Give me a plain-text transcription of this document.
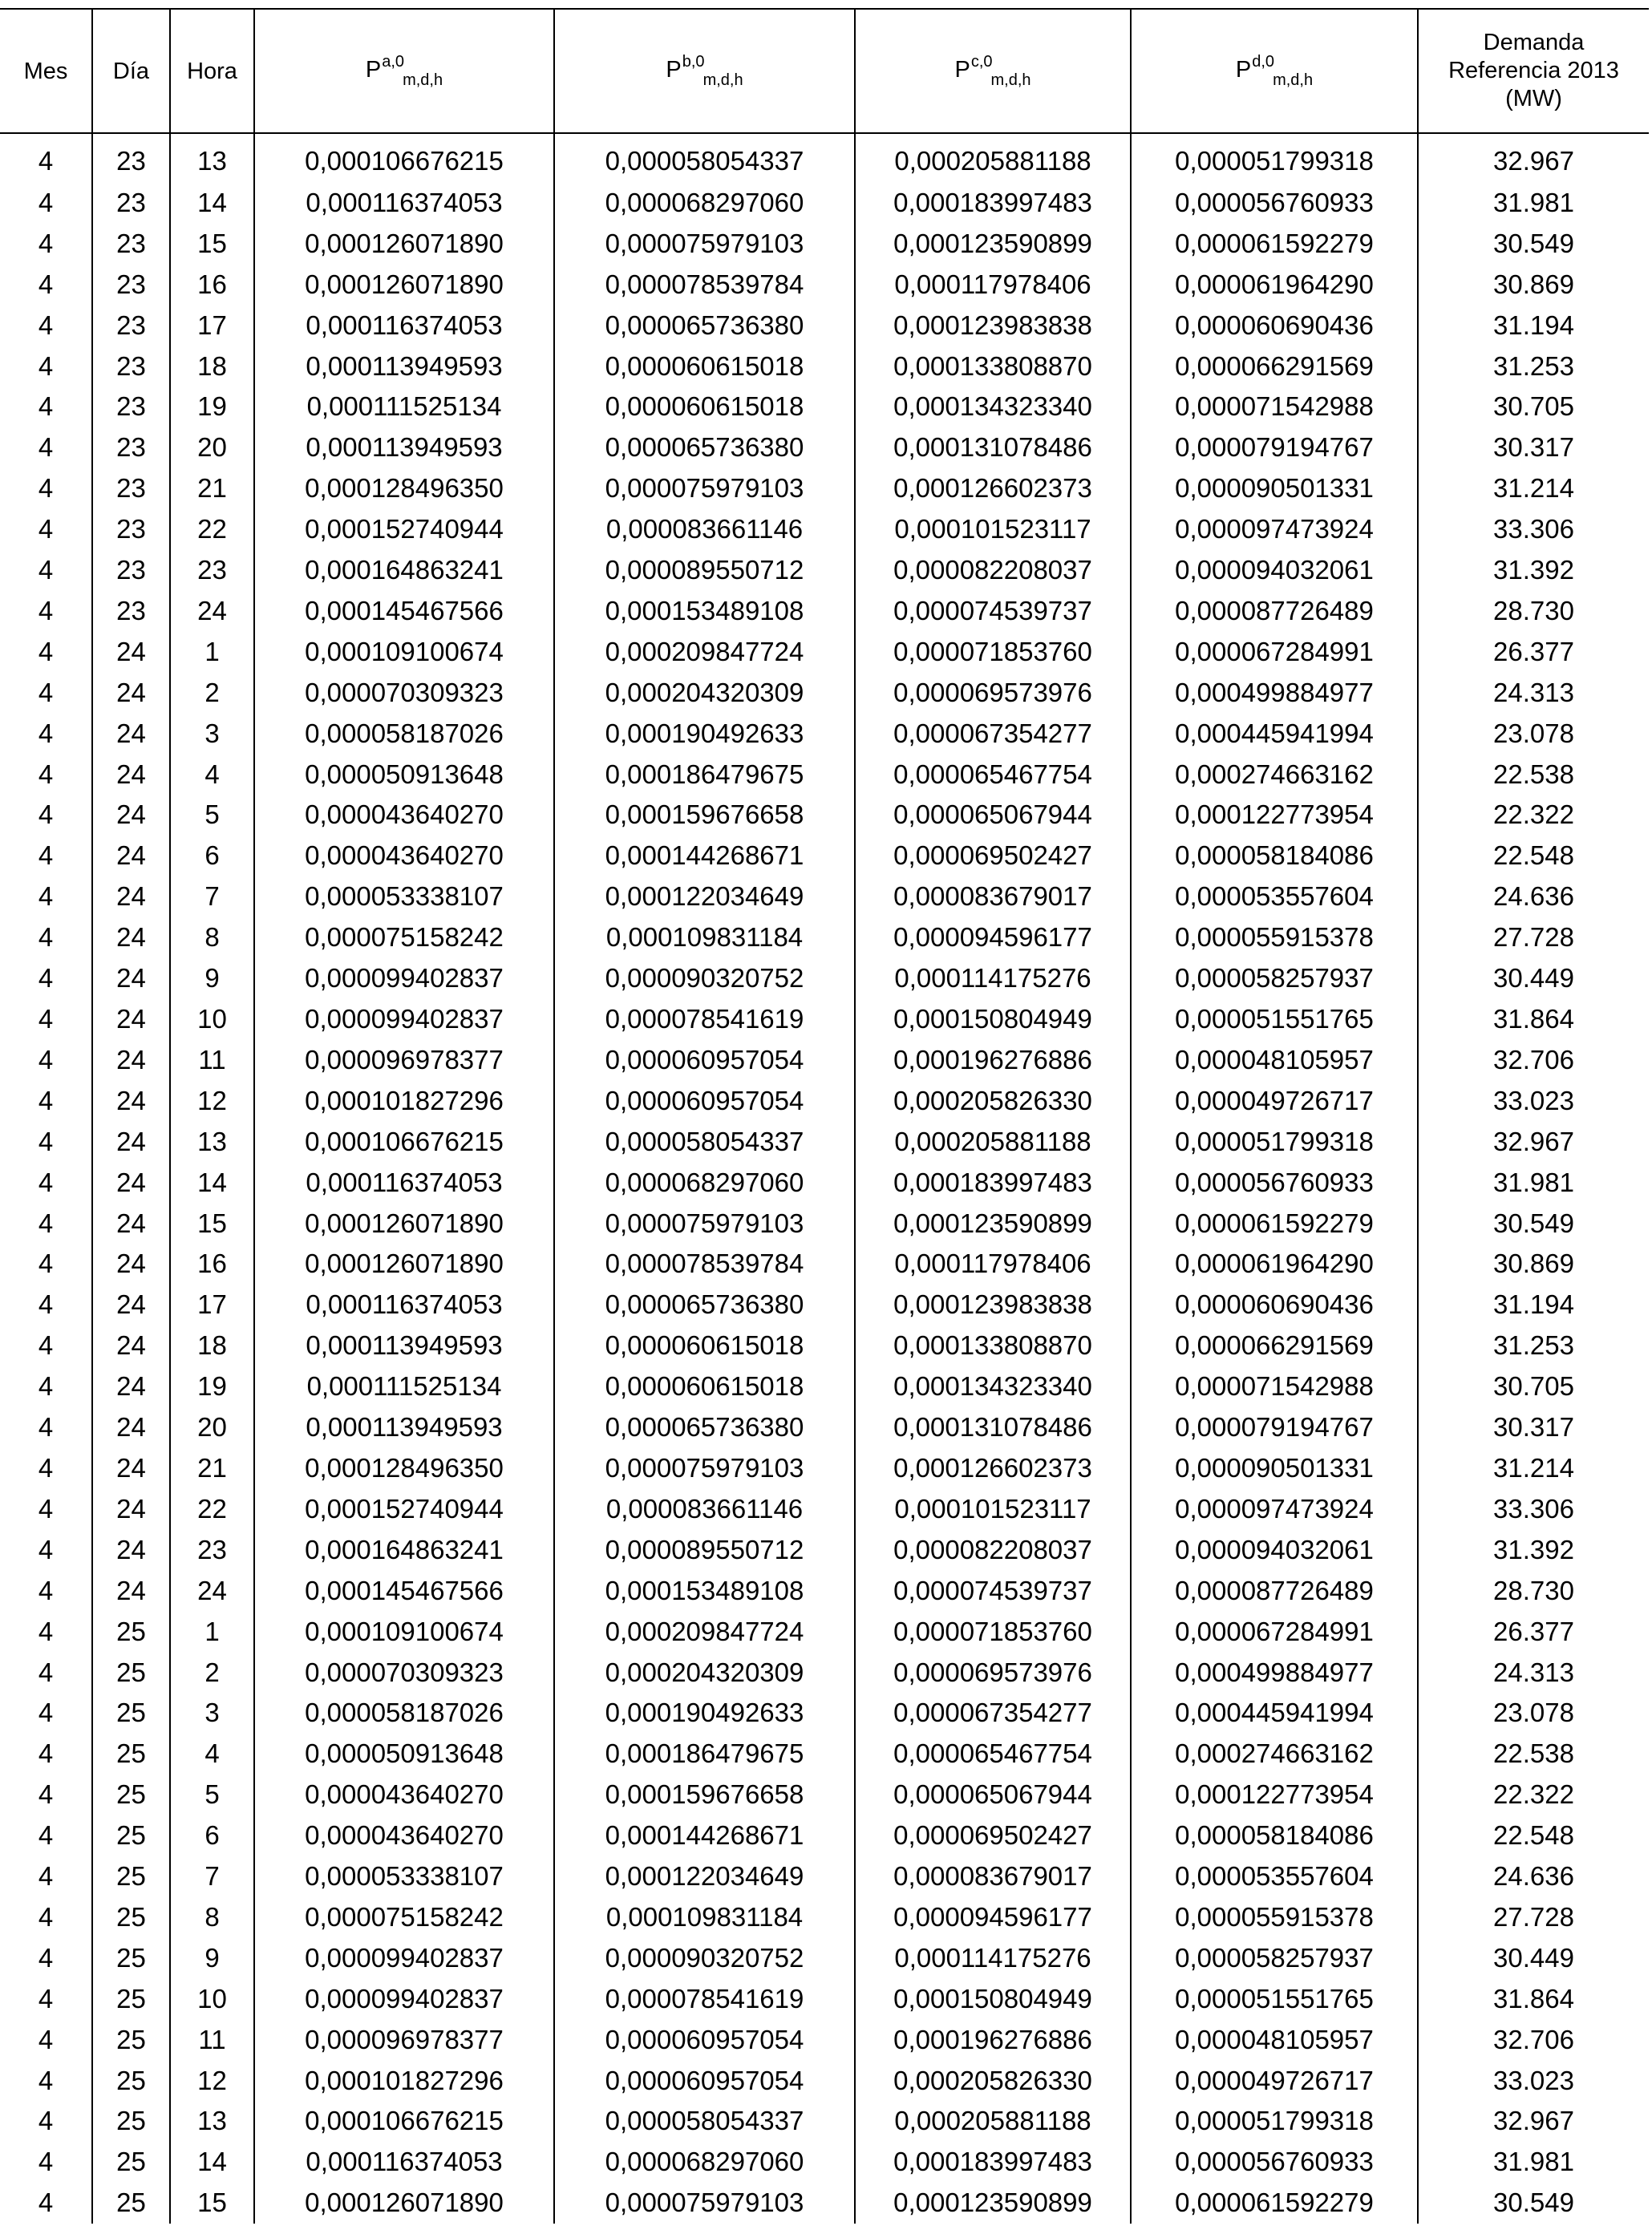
Mes	Día	Hora	P$^{a,0}_{m,d,h}$	P$^{b,0}_{m,d,h}$	P$^{c,0}_{m,d,h}$	P$^{d,0}_{m,d,h}$	Demanda
Referencia 2013
(MW)

4	23	13	0,000106676215	0,000058054337	0,000205881188	0,000051799318	32.967
4	23	14	0,000116374053	0,000068297060	0,000183997483	0,000056760933	31.981
4	23	15	0,000126071890	0,000075979103	0,000123590899	0,000061592279	30.549
4	23	16	0,000126071890	0,000078539784	0,000117978406	0,000061964290	30.869
4	23	17	0,000116374053	0,000065736380	0,000123983838	0,000060690436	31.194
4	23	18	0,000113949593	0,000060615018	0,000133808870	0,000066291569	31.253
4	23	19	0,000111525134	0,000060615018	0,000134323340	0,000071542988	30.705
4	23	20	0,000113949593	0,000065736380	0,000131078486	0,000079194767	30.317
4	23	21	0,000128496350	0,000075979103	0,000126602373	0,000090501331	31.214
4	23	22	0,000152740944	0,000083661146	0,000101523117	0,000097473924	33.306
4	23	23	0,000164863241	0,000089550712	0,000082208037	0,000094032061	31.392
4	23	24	0,000145467566	0,000153489108	0,000074539737	0,000087726489	28.730
4	24	1	0,000109100674	0,000209847724	0,000071853760	0,000067284991	26.377
4	24	2	0,000070309323	0,000204320309	0,000069573976	0,000499884977	24.313
4	24	3	0,000058187026	0,000190492633	0,000067354277	0,000445941994	23.078
4	24	4	0,000050913648	0,000186479675	0,000065467754	0,000274663162	22.538
4	24	5	0,000043640270	0,000159676658	0,000065067944	0,000122773954	22.322
4	24	6	0,000043640270	0,000144268671	0,000069502427	0,000058184086	22.548
4	24	7	0,000053338107	0,000122034649	0,000083679017	0,000053557604	24.636
4	24	8	0,000075158242	0,000109831184	0,000094596177	0,000055915378	27.728
4	24	9	0,000099402837	0,000090320752	0,000114175276	0,000058257937	30.449
4	24	10	0,000099402837	0,000078541619	0,000150804949	0,000051551765	31.864
4	24	11	0,000096978377	0,000060957054	0,000196276886	0,000048105957	32.706
4	24	12	0,000101827296	0,000060957054	0,000205826330	0,000049726717	33.023
4	24	13	0,000106676215	0,000058054337	0,000205881188	0,000051799318	32.967
4	24	14	0,000116374053	0,000068297060	0,000183997483	0,000056760933	31.981
4	24	15	0,000126071890	0,000075979103	0,000123590899	0,000061592279	30.549
4	24	16	0,000126071890	0,000078539784	0,000117978406	0,000061964290	30.869
4	24	17	0,000116374053	0,000065736380	0,000123983838	0,000060690436	31.194
4	24	18	0,000113949593	0,000060615018	0,000133808870	0,000066291569	31.253
4	24	19	0,000111525134	0,000060615018	0,000134323340	0,000071542988	30.705
4	24	20	0,000113949593	0,000065736380	0,000131078486	0,000079194767	30.317
4	24	21	0,000128496350	0,000075979103	0,000126602373	0,000090501331	31.214
4	24	22	0,000152740944	0,000083661146	0,000101523117	0,000097473924	33.306
4	24	23	0,000164863241	0,000089550712	0,000082208037	0,000094032061	31.392
4	24	24	0,000145467566	0,000153489108	0,000074539737	0,000087726489	28.730
4	25	1	0,000109100674	0,000209847724	0,000071853760	0,000067284991	26.377
4	25	2	0,000070309323	0,000204320309	0,000069573976	0,000499884977	24.313
4	25	3	0,000058187026	0,000190492633	0,000067354277	0,000445941994	23.078
4	25	4	0,000050913648	0,000186479675	0,000065467754	0,000274663162	22.538
4	25	5	0,000043640270	0,000159676658	0,000065067944	0,000122773954	22.322
4	25	6	0,000043640270	0,000144268671	0,000069502427	0,000058184086	22.548
4	25	7	0,000053338107	0,000122034649	0,000083679017	0,000053557604	24.636
4	25	8	0,000075158242	0,000109831184	0,000094596177	0,000055915378	27.728
4	25	9	0,000099402837	0,000090320752	0,000114175276	0,000058257937	30.449
4	25	10	0,000099402837	0,000078541619	0,000150804949	0,000051551765	31.864
4	25	11	0,000096978377	0,000060957054	0,000196276886	0,000048105957	32.706
4	25	12	0,000101827296	0,000060957054	0,000205826330	0,000049726717	33.023
4	25	13	0,000106676215	0,000058054337	0,000205881188	0,000051799318	32.967
4	25	14	0,000116374053	0,000068297060	0,000183997483	0,000056760933	31.981
4	25	15	0,000126071890	0,000075979103	0,000123590899	0,000061592279	30.549
